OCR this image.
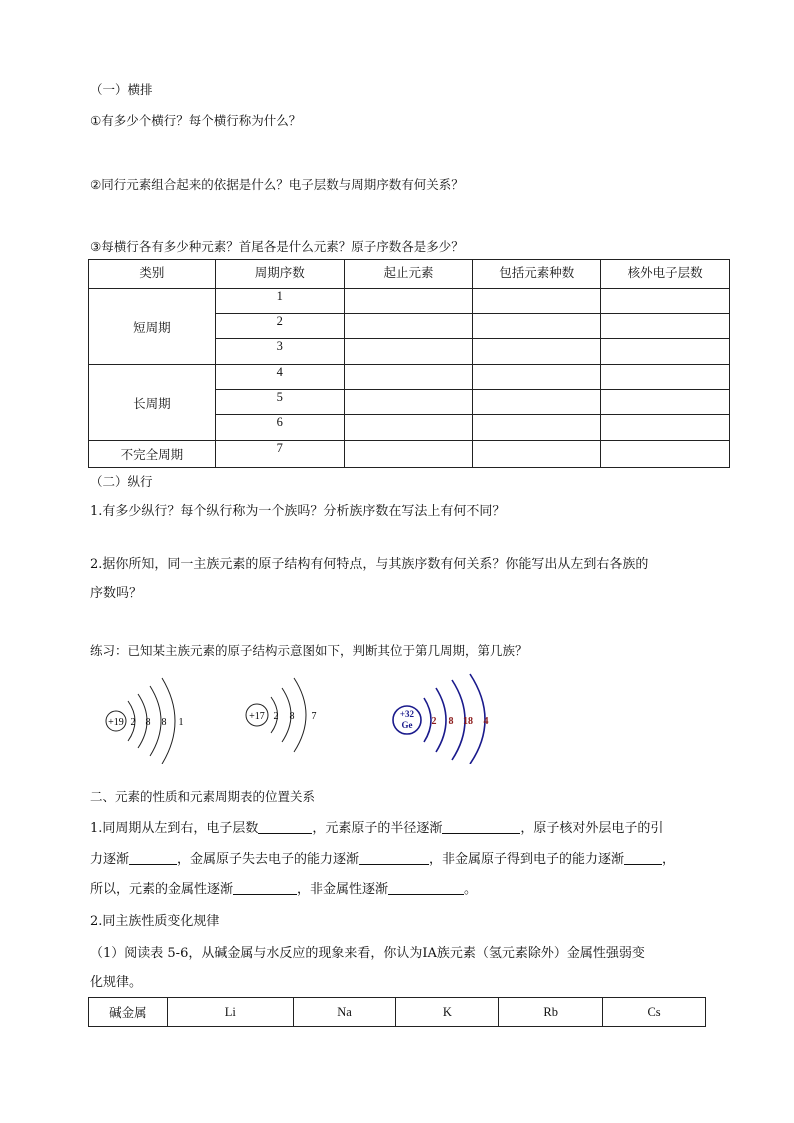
（一）横排
①有多少个横行？每个横行称为什么？
②同行元素组合起来的依据是什么？电子层数与周期序数有何关系？
③每横行各有多少种元素？首尾各是什么元素？原子序数各是多少？
类别	周期序数	起止元素	包括元素种数	核外电子层数
短周期	1			
	2			
	3			
长周期	4			
	5			
	6			
不完全周期	7			
（二）纵行
1.有多少纵行？每个纵行称为一个族吗？分析族序数在写法上有何不同？
2.据你所知，同一主族元素的原子结构有何特点，与其族序数有何关系？你能写出从左到右各族的
序数吗？
练习：已知某主族元素的原子结构示意图如下，判断其位于第几周期，第几族？
+19 2 8 8 1
+17 2 8 7	+32
Ge 2 8 18 4
二、元素的性质和元素周期表的位置关系
1.同周期从左到右，电子层数	，元素原子的半径逐渐	，原子核对外层电子的引
力逐渐	，金属原子失去电子的能力逐渐	，非金属原子得到电子的能力逐渐	，
所以，元素的金属性逐渐	，非金属性逐渐	。
2.同主族性质变化规律
（1）阅读表 5-6，从碱金属与水反应的现象来看，你认为ⅠA族元素（氢元素除外）金属性强弱变
化规律。
碱金属	Li	Na	K	Rb	Cs
